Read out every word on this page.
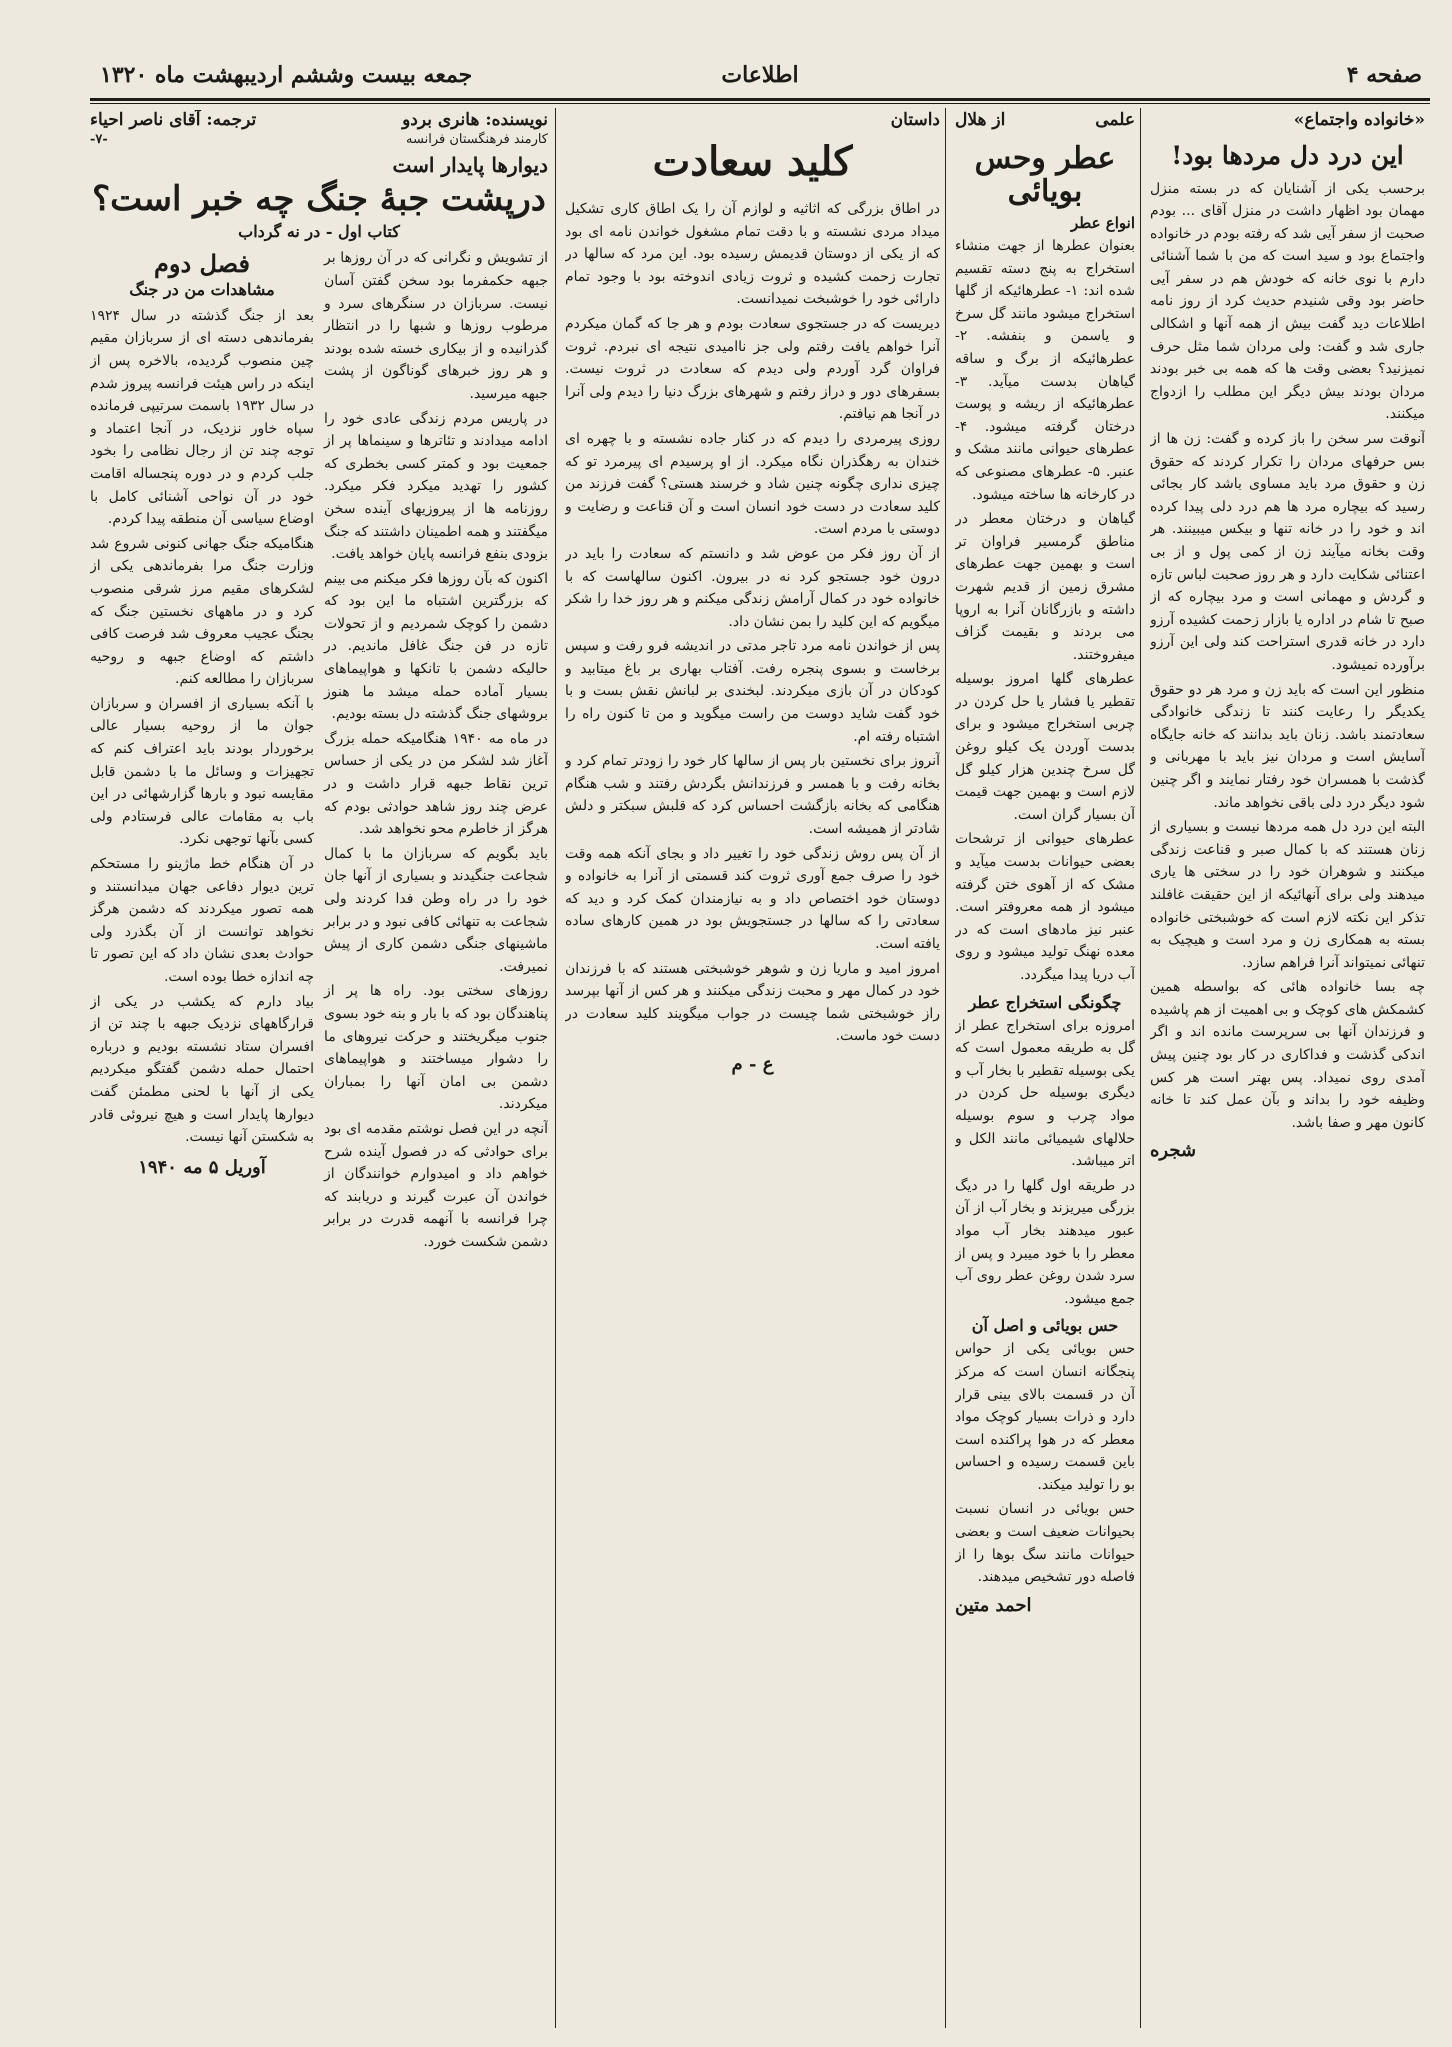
صفحه ۴
اطلاعات
جمعه بیست وششم اردیبهشت ماه ۱۳۲۰
«خانواده واجتماع»
این درد دل مردها بود!

برحسب یکی از آشنایان که در بسته منزل مهمان بود اظهار داشت در منزل آقای ... بودم صحبت از سفر آیی شد که رفته بودم در خانواده واجتماع بود و سید است که من با شما آشنائی دارم با نوی خانه که خودش هم در سفر آیی حاضر بود وقی شنیدم حدیث کرد از روز نامه اطلاعات دید گفت بیش از همه آنها و اشکالی جاری شد و گفت: ولی مردان شما مثل حرف نمیزنید؟ بعضی وقت ها که همه بی خبر بودند مردان بودند بیش دیگر این مطلب را ازدواج میکنند.

آنوقت سر سخن را باز کرده و گفت: زن ها از بس حرفهای مردان را تکرار کردند که حقوق زن و حقوق مرد باید مساوی باشد کار بجائی رسید که بیچاره مرد ها هم درد دلی پیدا کرده اند و خود را در خانه تنها و بیکس میبینند. هر وقت بخانه میآیند زن از کمی پول و از بی اعتنائی شکایت دارد و هر روز صحبت لباس تازه و گردش و مهمانی است و مرد بیچاره که از صبح تا شام در اداره یا بازار زحمت کشیده آرزو دارد در خانه قدری استراحت کند ولی این آرزو برآورده نمیشود.

منظور این است که باید زن و مرد هر دو حقوق یکدیگر را رعایت کنند تا زندگی خانوادگی سعادتمند باشد. زنان باید بدانند که خانه جایگاه آسایش است و مردان نیز باید با مهربانی و گذشت با همسران خود رفتار نمایند و اگر چنین شود دیگر درد دلی باقی نخواهد ماند.

البته این درد دل همه مردها نیست و بسیاری از زنان هستند که با کمال صبر و قناعت زندگی میکنند و شوهران خود را در سختی ها یاری میدهند ولی برای آنهائیکه از این حقیقت غافلند تذکر این نکته لازم است که خوشبختی خانواده بسته به همکاری زن و مرد است و هیچیک به تنهائی نمیتواند آنرا فراهم سازد.

چه بسا خانواده هائی که بواسطه همین کشمکش های کوچک و بی اهمیت از هم پاشیده و فرزندان آنها بی سرپرست مانده اند و اگر اندکی گذشت و فداکاری در کار بود چنین پیش آمدی روی نمیداد. پس بهتر است هر کس وظیفه خود را بداند و بآن عمل کند تا خانه کانون مهر و صفا باشد.

شجره
علمی
از هلال
عطر وحس بویائی
انواع عطر

بعنوان عطرها از جهت منشاء استخراج به پنج دسته تقسیم شده اند: ۱- عطرهائیکه از گلها استخراج میشود مانند گل سرخ و یاسمن و بنفشه. ۲- عطرهائیکه از برگ و ساقه گیاهان بدست میآید. ۳- عطرهائیکه از ریشه و پوست درختان گرفته میشود. ۴- عطرهای حیوانی مانند مشک و عنبر. ۵- عطرهای مصنوعی که در کارخانه ها ساخته میشود.

گیاهان و درختان معطر در مناطق گرمسیر فراوان تر است و بهمین جهت عطرهای مشرق زمین از قدیم شهرت داشته و بازرگانان آنرا به اروپا می بردند و بقیمت گزاف میفروختند.

عطرهای گلها امروز بوسیله تقطیر یا فشار یا حل کردن در چربی استخراج میشود و برای بدست آوردن یک کیلو روغن گل سرخ چندین هزار کیلو گل لازم است و بهمین جهت قیمت آن بسیار گران است.

عطرهای حیوانی از ترشحات بعضی حیوانات بدست میآید و مشک که از آهوی ختن گرفته میشود از همه معروفتر است. عنبر نیز مادهای است که در معده نهنگ تولید میشود و روی آب دریا پیدا میگردد.

چگونگی استخراج عطر

امروزه برای استخراج عطر از گل به طریقه معمول است که یکی بوسیله تقطیر با بخار آب و دیگری بوسیله حل کردن در مواد چرب و سوم بوسیله حلالهای شیمیائی مانند الکل و اتر میباشد.

در طریقه اول گلها را در دیگ بزرگی میریزند و بخار آب از آن عبور میدهند بخار آب مواد معطر را با خود میبرد و پس از سرد شدن روغن عطر روی آب جمع میشود.

حس بویائی و اصل آن

حس بویائی یکی از حواس پنجگانه انسان است که مرکز آن در قسمت بالای بینی قرار دارد و ذرات بسیار کوچک مواد معطر که در هوا پراکنده است باین قسمت رسیده و احساس بو را تولید میکند.

حس بویائی در انسان نسبت بحیوانات ضعیف است و بعضی حیوانات مانند سگ بوها را از فاصله دور تشخیص میدهند.

احمد متین
داستان
کلید سعادت

در اطاق بزرگی که اثاثیه و لوازم آن را یک اطاق کاری تشکیل میداد مردی نشسته و با دقت تمام مشغول خواندن نامه ای بود که از یکی از دوستان قدیمش رسیده بود. این مرد که سالها در تجارت زحمت کشیده و ثروت زیادی اندوخته بود با وجود تمام دارائی خود را خوشبخت نمیدانست.

دیریست که در جستجوی سعادت بودم و هر جا که گمان میکردم آنرا خواهم یافت رفتم ولی جز ناامیدی نتیجه ای نبردم. ثروت فراوان گرد آوردم ولی دیدم که سعادت در ثروت نیست. بسفرهای دور و دراز رفتم و شهرهای بزرگ دنیا را دیدم ولی آنرا در آنجا هم نیافتم.

روزی پیرمردی را دیدم که در کنار جاده نشسته و با چهره ای خندان به رهگذران نگاه میکرد. از او پرسیدم ای پیرمرد تو که چیزی نداری چگونه چنین شاد و خرسند هستی؟ گفت فرزند من کلید سعادت در دست خود انسان است و آن قناعت و رضایت و دوستی با مردم است.

از آن روز فکر من عوض شد و دانستم که سعادت را باید در درون خود جستجو کرد نه در بیرون. اکنون سالهاست که با خانواده خود در کمال آرامش زندگی میکنم و هر روز خدا را شکر میگویم که این کلید را بمن نشان داد.

پس از خواندن نامه مرد تاجر مدتی در اندیشه فرو رفت و سپس برخاست و بسوی پنجره رفت. آفتاب بهاری بر باغ میتابید و کودکان در آن بازی میکردند. لبخندی بر لبانش نقش بست و با خود گفت شاید دوست من راست میگوید و من تا کنون راه را اشتباه رفته ام.

آنروز برای نخستین بار پس از سالها کار خود را زودتر تمام کرد و بخانه رفت و با همسر و فرزندانش بگردش رفتند و شب هنگام هنگامی که بخانه بازگشت احساس کرد که قلبش سبکتر و دلش شادتر از همیشه است.

از آن پس روش زندگی خود را تغییر داد و بجای آنکه همه وقت خود را صرف جمع آوری ثروت کند قسمتی از آنرا به خانواده و دوستان خود اختصاص داد و به نیازمندان کمک کرد و دید که سعادتی را که سالها در جستجویش بود در همین کارهای ساده یافته است.

امروز امید و ماریا زن و شوهر خوشبختی هستند که با فرزندان خود در کمال مهر و محبت زندگی میکنند و هر کس از آنها بپرسد راز خوشبختی شما چیست در جواب میگویند کلید سعادت در دست خود ماست.

ع - م
نویسنده: هانری بردو
ترجمه: آقای ناصر احیاء
کارمند فرهنگستان فرانسه
-۷-
دیوارها پایدار است
درپشت جبهٔ جنگ چه خبر است؟
کتاب اول - در نه گرداب

از تشویش و نگرانی که در آن روزها بر جبهه حکمفرما بود سخن گفتن آسان نیست. سربازان در سنگرهای سرد و مرطوب روزها و شبها را در انتظار گذرانیده و از بیکاری خسته شده بودند و هر روز خبرهای گوناگون از پشت جبهه میرسید.

در پاریس مردم زندگی عادی خود را ادامه میدادند و تئاترها و سینماها پر از جمعیت بود و کمتر کسی بخطری که کشور را تهدید میکرد فکر میکرد. روزنامه ها از پیروزیهای آینده سخن میگفتند و همه اطمینان داشتند که جنگ بزودی بنفع فرانسه پایان خواهد یافت.

اکنون که بآن روزها فکر میکنم می بینم که بزرگترین اشتباه ما این بود که دشمن را کوچک شمردیم و از تحولات تازه در فن جنگ غافل ماندیم. در حالیکه دشمن با تانکها و هواپیماهای بسیار آماده حمله میشد ما هنوز بروشهای جنگ گذشته دل بسته بودیم.

در ماه مه ۱۹۴۰ هنگامیکه حمله بزرگ آغاز شد لشکر من در یکی از حساس ترین نقاط جبهه قرار داشت و در عرض چند روز شاهد حوادثی بودم که هرگز از خاطرم محو نخواهد شد.

باید بگویم که سربازان ما با کمال شجاعت جنگیدند و بسیاری از آنها جان خود را در راه وطن فدا کردند ولی شجاعت به تنهائی کافی نبود و در برابر ماشینهای جنگی دشمن کاری از پیش نمیرفت.

روزهای سختی بود. راه ها پر از پناهندگان بود که با بار و بنه خود بسوی جنوب میگریختند و حرکت نیروهای ما را دشوار میساختند و هواپیماهای دشمن بی امان آنها را بمباران میکردند.

آنچه در این فصل نوشتم مقدمه ای بود برای حوادثی که در فصول آینده شرح خواهم داد و امیدوارم خوانندگان از خواندن آن عبرت گیرند و دریابند که چرا فرانسه با آنهمه قدرت در برابر دشمن شکست خورد.

فصل دوم
مشاهدات من در جنگ

بعد از جنگ گذشته در سال ۱۹۲۴ بفرماندهی دسته ای از سربازان مقیم چین منصوب گردیده، بالاخره پس از اینکه در راس هیئت فرانسه پیروز شدم در سال ۱۹۳۲ باسمت سرتیپی فرمانده سپاه خاور نزدیک، در آنجا اعتماد و توجه چند تن از رجال نظامی را بخود جلب کردم و در دوره پنجساله اقامت خود در آن نواحی آشنائی کامل با اوضاع سیاسی آن منطقه پیدا کردم.

هنگامیکه جنگ جهانی کنونی شروع شد وزارت جنگ مرا بفرماندهی یکی از لشکرهای مقیم مرز شرقی منصوب کرد و در ماههای نخستین جنگ که بجنگ عجیب معروف شد فرصت کافی داشتم که اوضاع جبهه و روحیه سربازان را مطالعه کنم.

با آنکه بسیاری از افسران و سربازان جوان ما از روحیه بسیار عالی برخوردار بودند باید اعتراف کنم که تجهیزات و وسائل ما با دشمن قابل مقایسه نبود و بارها گزارشهائی در این باب به مقامات عالی فرستادم ولی کسی بآنها توجهی نکرد.

در آن هنگام خط ماژینو را مستحکم ترین دیوار دفاعی جهان میدانستند و همه تصور میکردند که دشمن هرگز نخواهد توانست از آن بگذرد ولی حوادث بعدی نشان داد که این تصور تا چه اندازه خطا بوده است.

بیاد دارم که یکشب در یکی از قرارگاههای نزدیک جبهه با چند تن از افسران ستاد نشسته بودیم و درباره احتمال حمله دشمن گفتگو میکردیم یکی از آنها با لحنی مطمئن گفت دیوارها پایدار است و هیچ نیروئی قادر به شکستن آنها نیست.

آوریل ۵ مه ۱۹۴۰
